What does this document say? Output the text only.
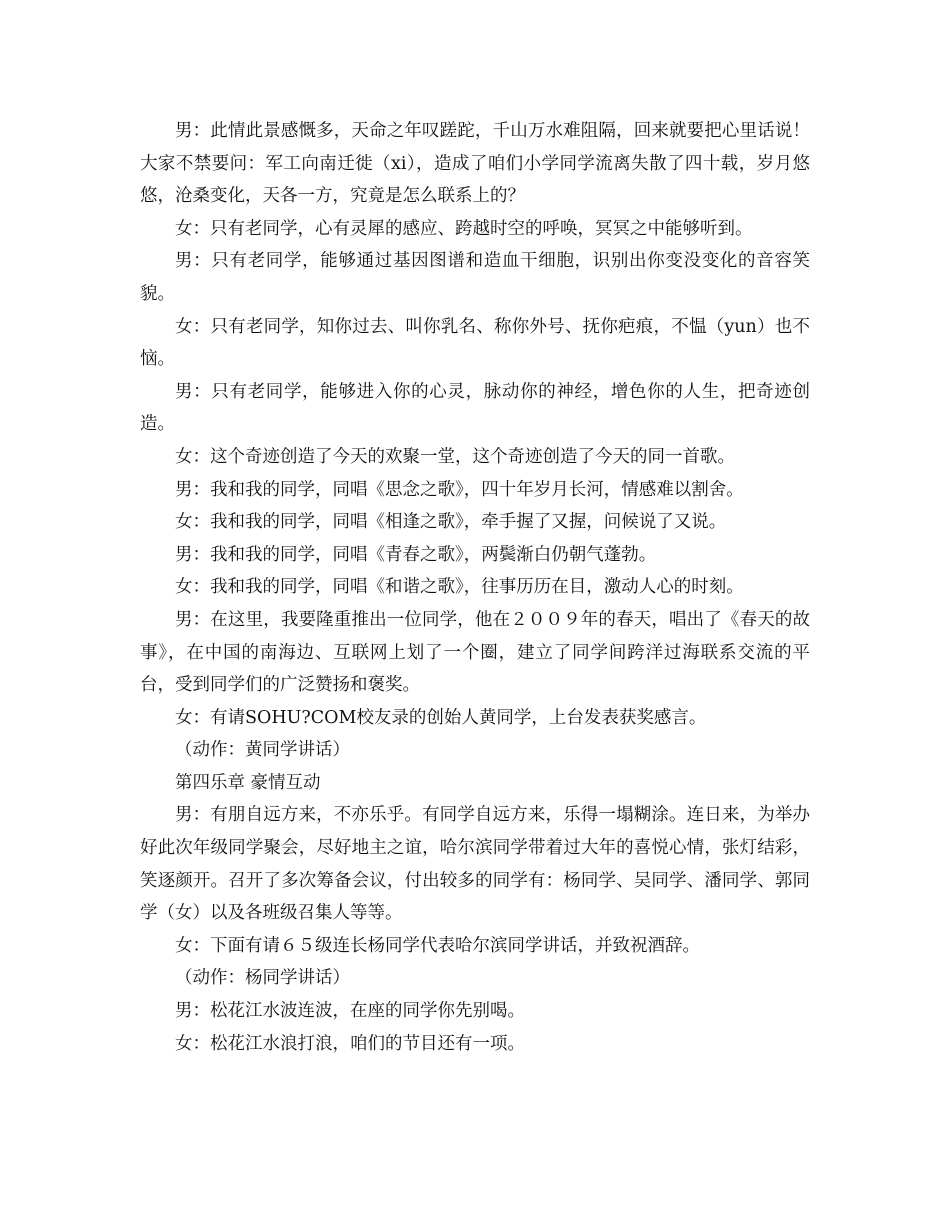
男：此情此景感慨多，天命之年叹蹉跎，千山万水难阻隔，回来就要把心里话说！大家不禁要问：军工向南迁徙（xi），造成了咱们小学同学流离失散了四十载，岁月悠悠，沧桑变化，天各一方，究竟是怎么联系上的？

女：只有老同学，心有灵犀的感应、跨越时空的呼唤，冥冥之中能够听到。

男：只有老同学，能够通过基因图谱和造血干细胞，识别出你变没变化的音容笑貌。

女：只有老同学，知你过去、叫你乳名、称你外号、抚你疤痕，不愠（yun）也不恼。

男：只有老同学，能够进入你的心灵，脉动你的神经，增色你的人生，把奇迹创造。

女：这个奇迹创造了今天的欢聚一堂，这个奇迹创造了今天的同一首歌。

男：我和我的同学，同唱《思念之歌》，四十年岁月长河，情感难以割舍。

女：我和我的同学，同唱《相逢之歌》，牵手握了又握，问候说了又说。

男：我和我的同学，同唱《青春之歌》，两鬓渐白仍朝气蓬勃。

女：我和我的同学，同唱《和谐之歌》，往事历历在目，激动人心的时刻。

男：在这里，我要隆重推出一位同学，他在２００９年的春天，唱出了《春天的故事》，在中国的南海边、互联网上划了一个圈，建立了同学间跨洋过海联系交流的平台，受到同学们的广泛赞扬和褒奖。

女：有请SOHU?COM校友录的创始人黄同学，上台发表获奖感言。

（动作：黄同学讲话）

第四乐章 豪情互动

男：有朋自远方来，不亦乐乎。有同学自远方来，乐得一塌糊涂。连日来，为举办好此次年级同学聚会，尽好地主之谊，哈尔滨同学带着过大年的喜悦心情，张灯结彩，笑逐颜开。召开了多次筹备会议，付出较多的同学有：杨同学、吴同学、潘同学、郭同学（女）以及各班级召集人等等。

女：下面有请６５级连长杨同学代表哈尔滨同学讲话，并致祝酒辞。

（动作：杨同学讲话）

男：松花江水波连波，在座的同学你先别喝。

女：松花江水浪打浪，咱们的节目还有一项。
